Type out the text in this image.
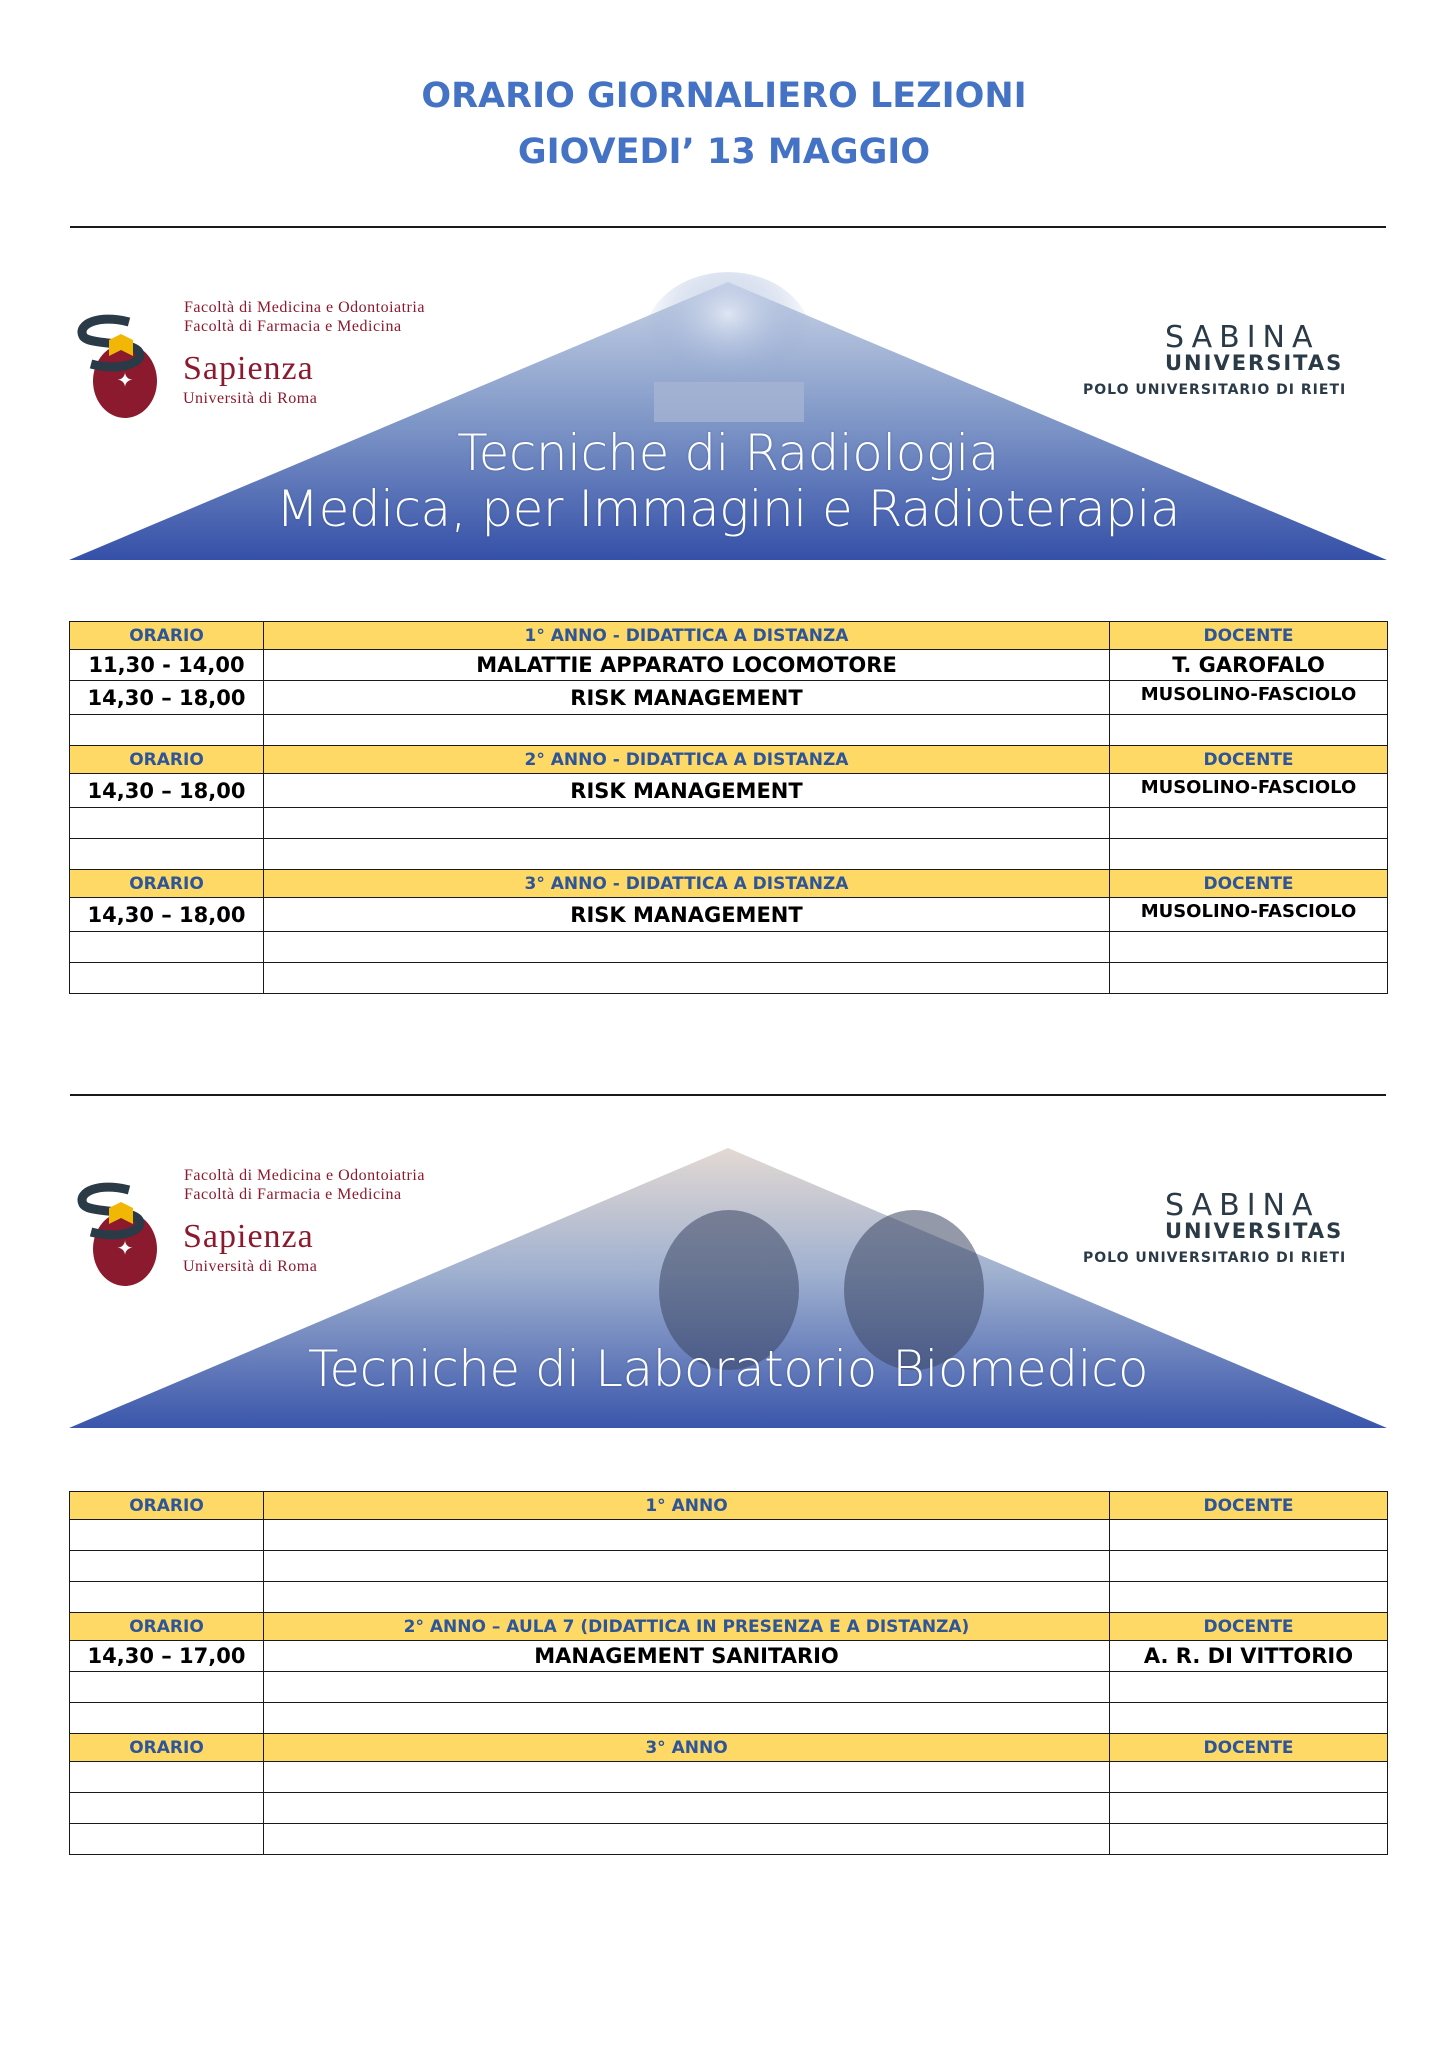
ORARIO GIORNALIERO LEZIONI
GIOVEDI’ 13 MAGGIO
Facoltà di Medicina e Odontoiatria
Facoltà di Farmacia e Medicina
✦	Sapienza
Università di Roma
SABINA
UNIVERSITAS
POLO UNIVERSITARIO DI RIETI
Tecniche di Radiologia
Medica, per Immagini e Radioterapia
ORARIO	1° ANNO - DIDATTICA A DISTANZA	DOCENTE
11,30 - 14,00	MALATTIE APPARATO LOCOMOTORE	T. GAROFALO
14,30 – 18,00	RISK MANAGEMENT	MUSOLINO-FASCIOLO

ORARIO	2° ANNO - DIDATTICA A DISTANZA	DOCENTE
14,30 – 18,00	RISK MANAGEMENT	MUSOLINO-FASCIOLO

ORARIO	3° ANNO - DIDATTICA A DISTANZA	DOCENTE
14,30 – 18,00	RISK MANAGEMENT	MUSOLINO-FASCIOLO

Facoltà di Medicina e Odontoiatria
Facoltà di Farmacia e Medicina
✦	Sapienza
Università di Roma
SABINA
UNIVERSITAS
POLO UNIVERSITARIO DI RIETI
Tecniche di Laboratorio Biomedico
ORARIO	1° ANNO	DOCENTE

ORARIO	2° ANNO – AULA 7 (DIDATTICA IN PRESENZA E A DISTANZA)	DOCENTE
14,30 – 17,00	MANAGEMENT SANITARIO	A. R. DI VITTORIO

ORARIO	3° ANNO	DOCENTE
